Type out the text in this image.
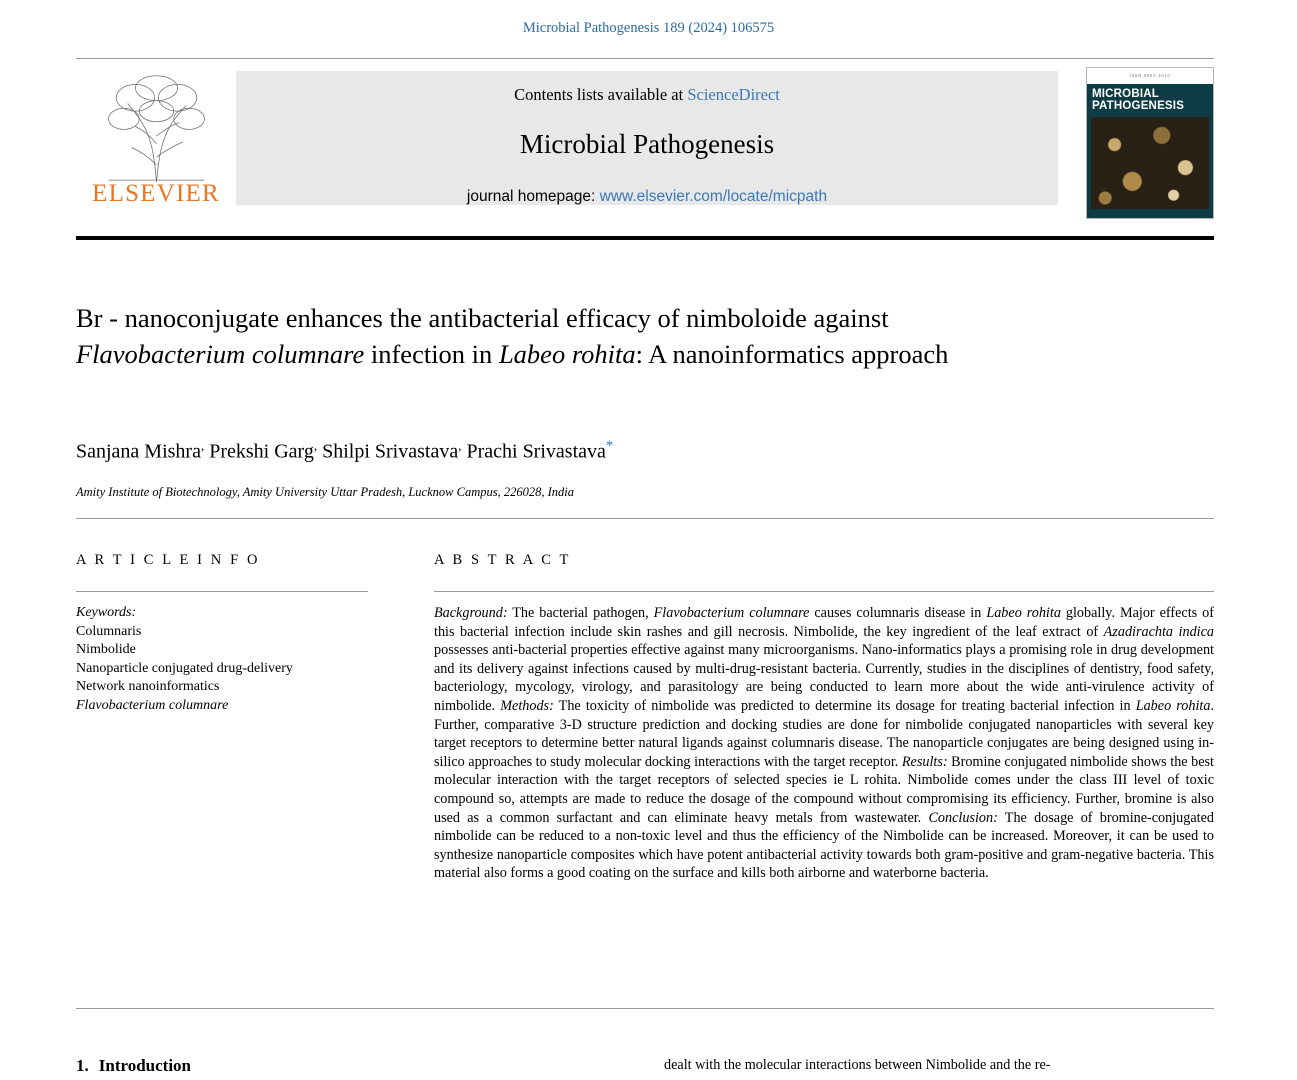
Microbial Pathogenesis 189 (2024) 106575
ELSEVIER
Contents lists available at ScienceDirect
Microbial Pathogenesis
journal homepage: www.elsevier.com/locate/micpath
ISSN 0882-4010
MICROBIAL
PATHOGENESIS
Br - nanoconjugate enhances the antibacterial efficacy of nimboloide against Flavobacterium columnare infection in Labeo rohita: A nanoinformatics approach
Sanjana Mishra, Prekshi Garg, Shilpi Srivastava, Prachi Srivastava*
Amity Institute of Biotechnology, Amity University Uttar Pradesh, Lucknow Campus, 226028, India
A R T I C L E I N F O
Keywords:
Columnaris
Nimbolide
Nanoparticle conjugated drug-delivery
Network nanoinformatics
Flavobacterium columnare
A B S T R A C T
Background: The bacterial pathogen, Flavobacterium columnare causes columnaris disease in Labeo rohita globally. Major effects of this bacterial infection include skin rashes and gill necrosis. Nimbolide, the key ingredient of the leaf extract of Azadirachta indica possesses anti-bacterial properties effective against many microorganisms. Nano-informatics plays a promising role in drug development and its delivery against infections caused by multi-drug-resistant bacteria. Currently, studies in the disciplines of dentistry, food safety, bacteriology, mycology, virology, and parasitology are being conducted to learn more about the wide anti-virulence activity of nimbolide. Methods: The toxicity of nimbolide was predicted to determine its dosage for treating bacterial infection in Labeo rohita. Further, comparative 3-D structure prediction and docking studies are done for nimbolide conjugated nanoparticles with several key target receptors to determine better natural ligands against columnaris disease. The nanoparticle conjugates are being designed using in-silico approaches to study molecular docking interactions with the target receptor. Results: Bromine conjugated nimbolide shows the best molecular interaction with the target receptors of selected species ie L rohita. Nimbolide comes under the class III level of toxic compound so, attempts are made to reduce the dosage of the compound without compromising its efficiency. Further, bromine is also used as a common surfactant and can eliminate heavy metals from wastewater. Conclusion: The dosage of bromine-conjugated nimbolide can be reduced to a non-toxic level and thus the efficiency of the Nimbolide can be increased. Moreover, it can be used to synthesize nanoparticle composites which have potent antibacterial activity towards both gram-positive and gram-negative bacteria. This material also forms a good coating on the surface and kills both airborne and waterborne bacteria.
1. Introduction	dealt with the molecular interactions between Nimbolide and the re-
